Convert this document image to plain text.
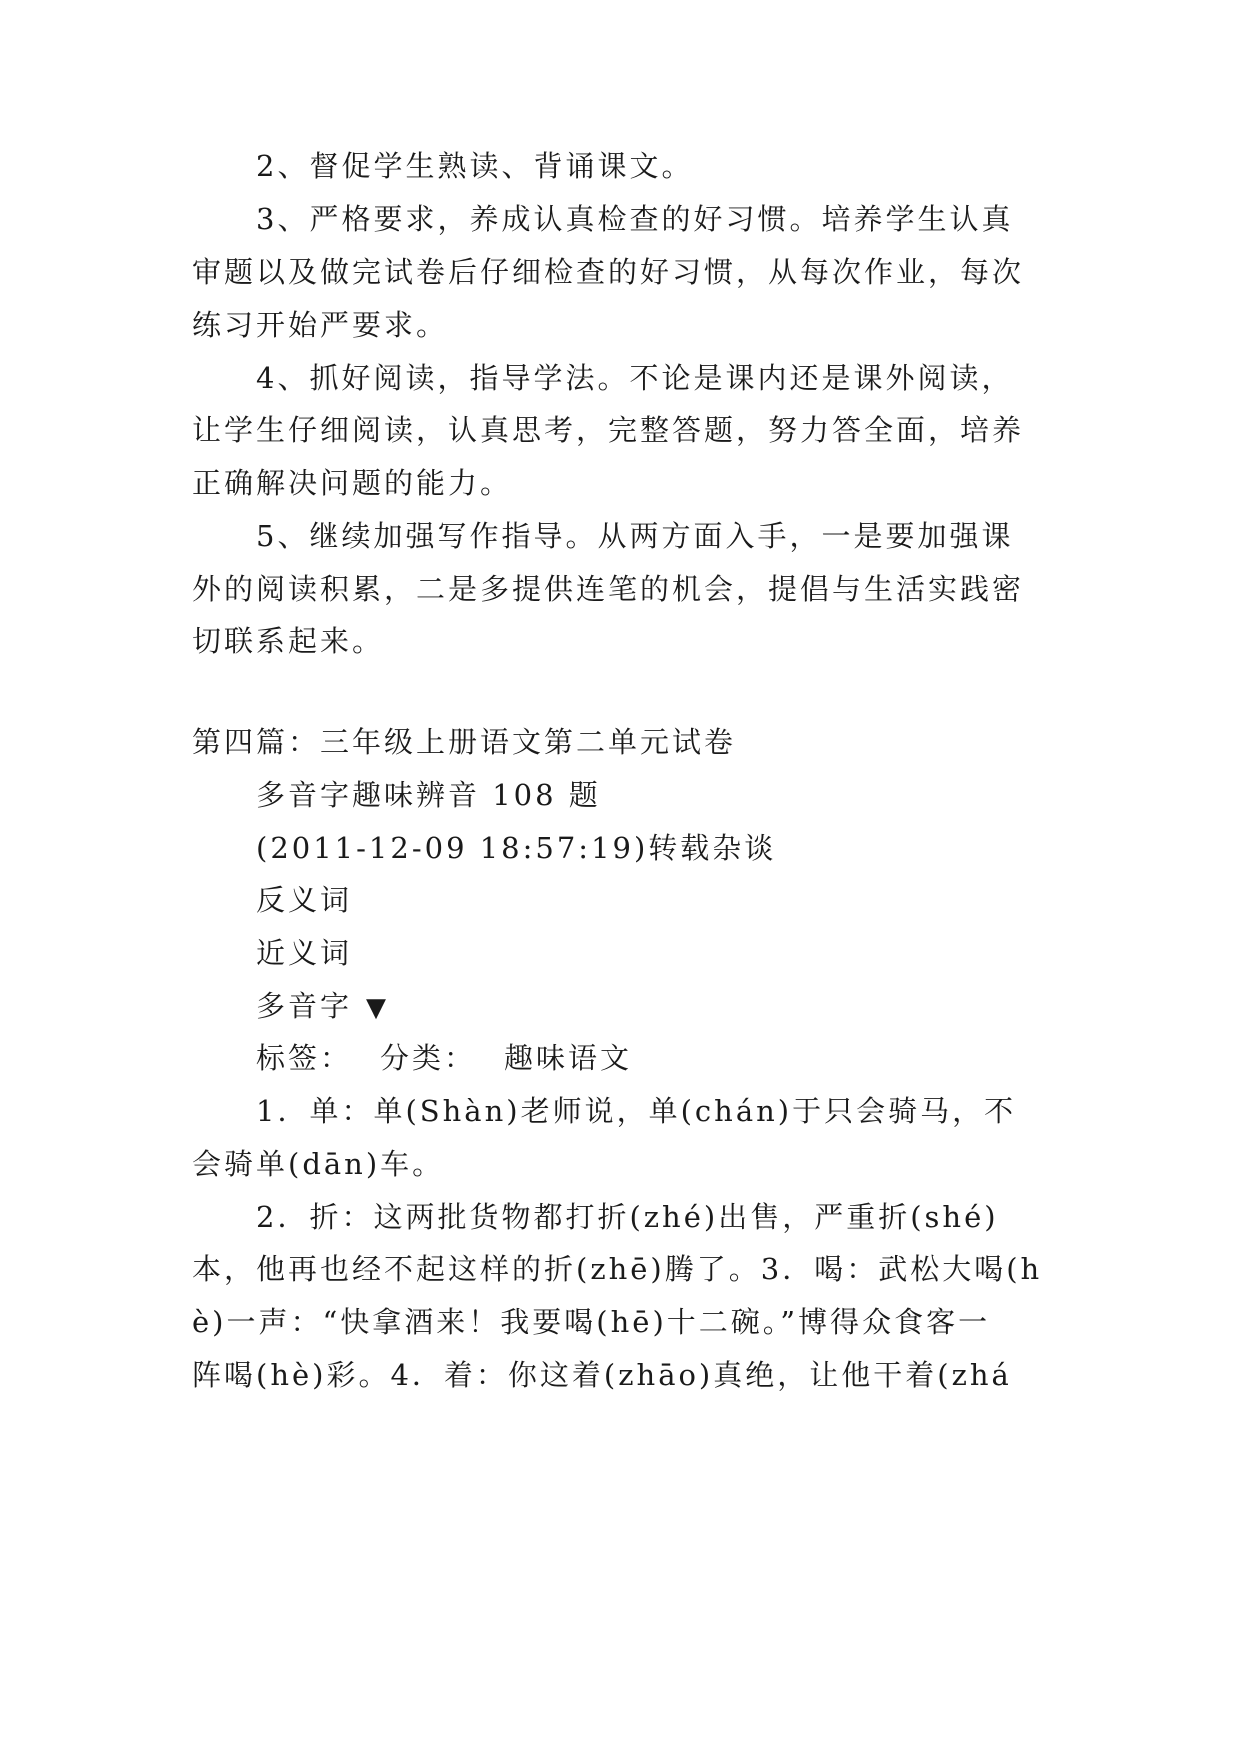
2、督促学生熟读、背诵课文。

3、严格要求，养成认真检查的好习惯。培养学生认真

审题以及做完试卷后仔细检查的好习惯，从每次作业，每次

练习开始严要求。

4、抓好阅读，指导学法。不论是课内还是课外阅读，

让学生仔细阅读，认真思考，完整答题，努力答全面，培养

正确解决问题的能力。

5、继续加强写作指导。从两方面入手，一是要加强课

外的阅读积累，二是多提供连笔的机会，提倡与生活实践密

切联系起来。

第四篇：三年级上册语文第二单元试卷

多音字趣味辨音 108 题

(2011-12-09 18:57:19)转载杂谈

反义词

近义词

多音字 ▼

标签： 分类： 趣味语文

1．单：单(Shàn)老师说，单(chán)于只会骑马，不

会骑单(dān)车。

2．折：这两批货物都打折(zhé)出售，严重折(shé)

本，他再也经不起这样的折(zhē)腾了。3．喝：武松大喝(h

è)一声：“快拿酒来！我要喝(hē)十二碗。”博得众食客一

阵喝(hè)彩。4．着：你这着(zhāo)真绝，让他干着(zhá
